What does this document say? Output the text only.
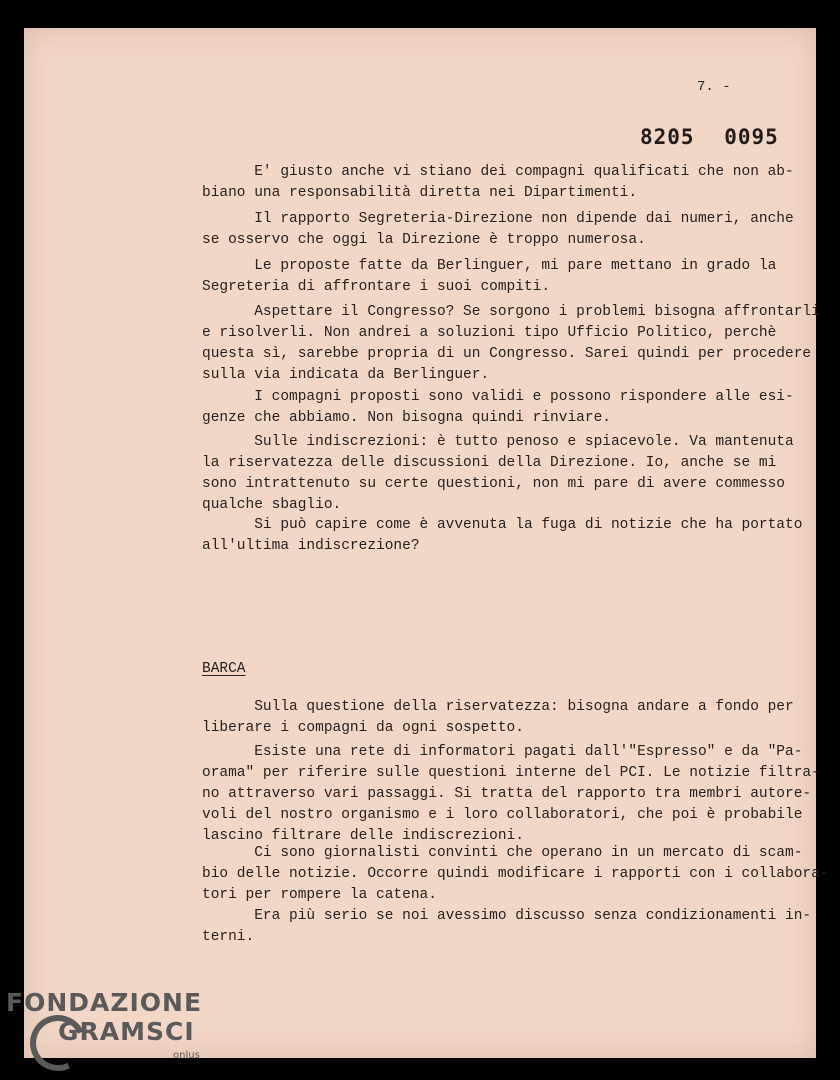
7. -
8205 0095

E' giusto anche vi stiano dei compagni qualificati che non ab-
biano una responsabilità diretta nei Dipartimenti.

Il rapporto Segreteria-Direzione non dipende dai numeri, anche
se osservo che oggi la Direzione è troppo numerosa.

Le proposte fatte da Berlinguer, mi pare mettano in grado la
Segreteria di affrontare i suoi compiti.

Aspettare il Congresso? Se sorgono i problemi bisogna affrontarli
e risolverli. Non andrei a soluzioni tipo Ufficio Politico, perchè
questa sì, sarebbe propria di un Congresso. Sarei quindi per procedere
sulla via indicata da Berlinguer.

I compagni proposti sono validi e possono rispondere alle esi-
genze che abbiamo. Non bisogna quindi rinviare.

Sulle indiscrezioni: è tutto penoso e spiacevole. Va mantenuta
la riservatezza delle discussioni della Direzione. Io, anche se mi
sono intrattenuto su certe questioni, non mi pare di avere commesso
qualche sbaglio.

Si può capire come è avvenuta la fuga di notizie che ha portato
all'ultima indiscrezione?

BARCA

Sulla questione della riservatezza: bisogna andare a fondo per
liberare i compagni da ogni sospetto.

Esiste una rete di informatori pagati dall'"Espresso" e da "Pa-
orama" per riferire sulle questioni interne del PCI. Le notizie filtra-
no attraverso vari passaggi. Si tratta del rapporto tra membri autore-
voli del nostro organismo e i loro collaboratori, che poi è probabile
lascino filtrare delle indiscrezioni.

Ci sono giornalisti convinti che operano in un mercato di scam-
bio delle notizie. Occorre quindi modificare i rapporti con i collabora-
tori per rompere la catena.

Era più serio se noi avessimo discusso senza condizionamenti in-
terni.

FONDAZIONE
GRAMSCI
onlus
